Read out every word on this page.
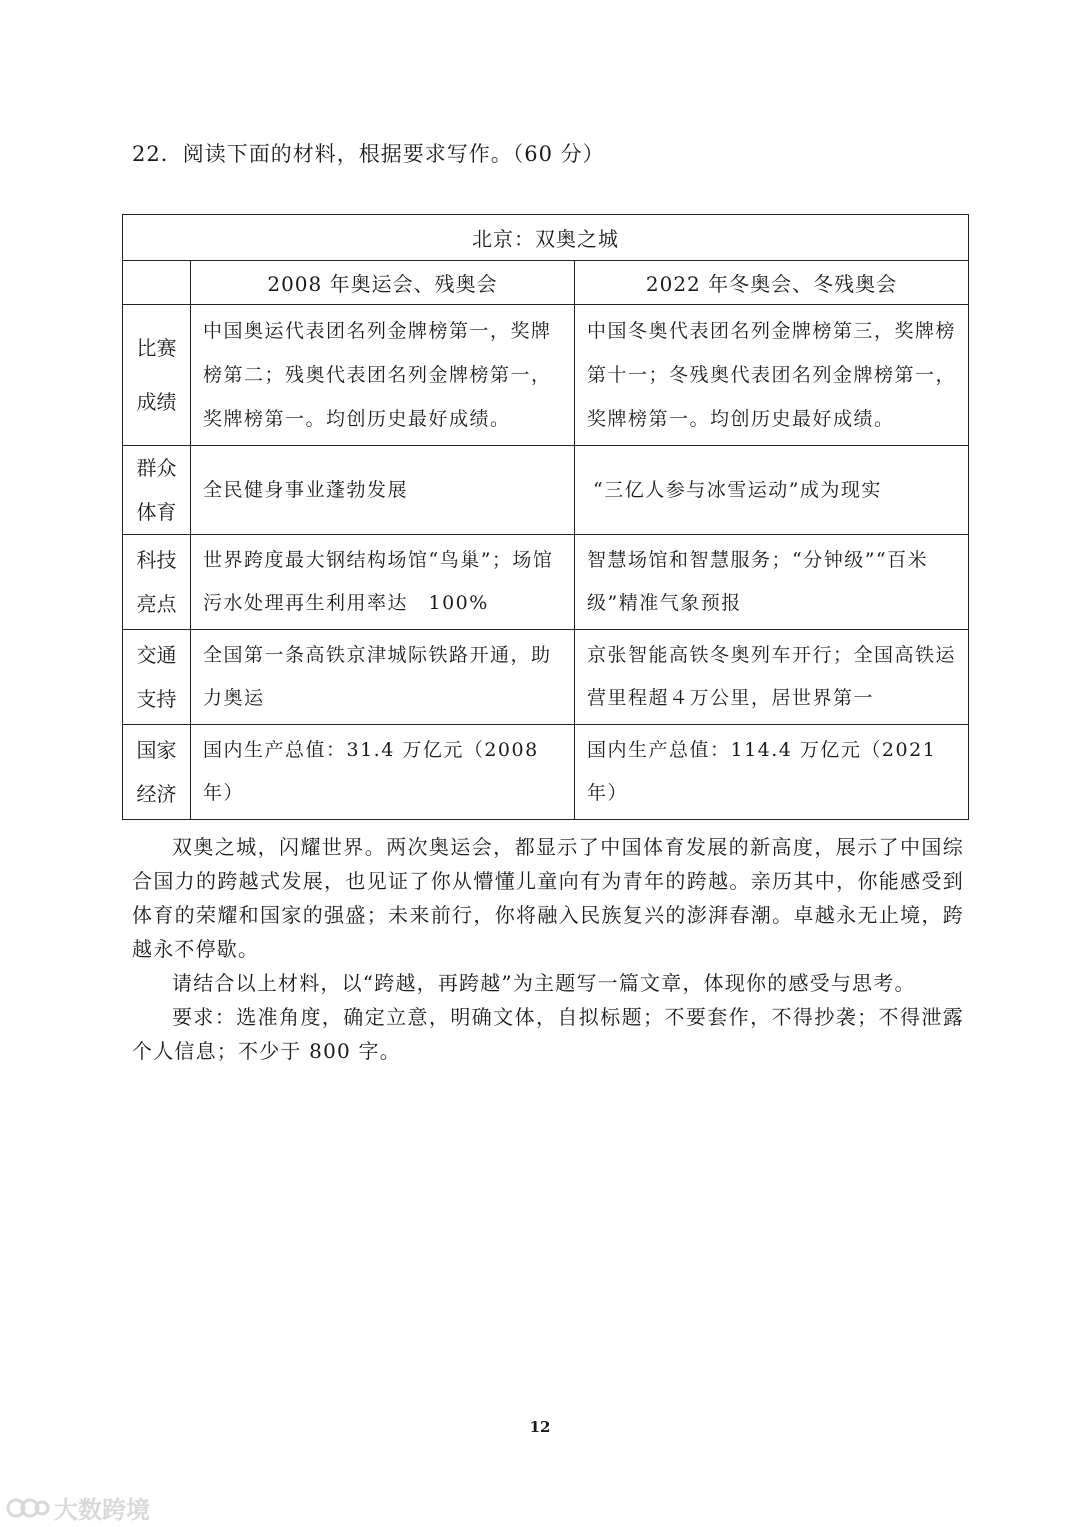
22．阅读下面的材料，根据要求写作。（60 分）
北京：双奥之城		
	2008 年奥运会、残奥会	2022 年冬奥会、冬残奥会

比赛
成绩	中国奥运代表团名列金牌榜第一，奖牌榜第二；残奥代表团名列金牌榜第一，奖牌榜第一。均创历史最好成绩。	中国冬奥代表团名列金牌榜第三，奖牌榜第十一；冬残奥代表团名列金牌榜第一，奖牌榜第一。均创历史最好成绩。

群众
体育	全民健身事业蓬勃发展	“三亿人参与冰雪运动”成为现实

科技
亮点	世界跨度最大钢结构场馆“鸟巢”；场馆污水处理再生利用率达　100%	智慧场馆和智慧服务；“分钟级”“百米级”精准气象预报

交通
支持	全国第一条高铁京津城际铁路开通，助力奥运	京张智能高铁冬奥列车开行；全国高铁运营里程超４万公里，居世界第一

国家
经济	国内生产总值：31.4 万亿元（2008 年）	国内生产总值：114.4 万亿元（2021 年）

双奥之城，闪耀世界。两次奥运会，都显示了中国体育发展的新高度，展示了中国综合国力的跨越式发展，也见证了你从懵懂儿童向有为青年的跨越。亲历其中，你能感受到体育的荣耀和国家的强盛；未来前行，你将融入民族复兴的澎湃春潮。卓越永无止境，跨越永不停歇。

请结合以上材料，以“跨越，再跨越”为主题写一篇文章，体现你的感受与思考。

要求：选准角度，确定立意，明确文体，自拟标题；不要套作，不得抄袭；不得泄露个人信息；不少于 800 字。

12
大数跨境
